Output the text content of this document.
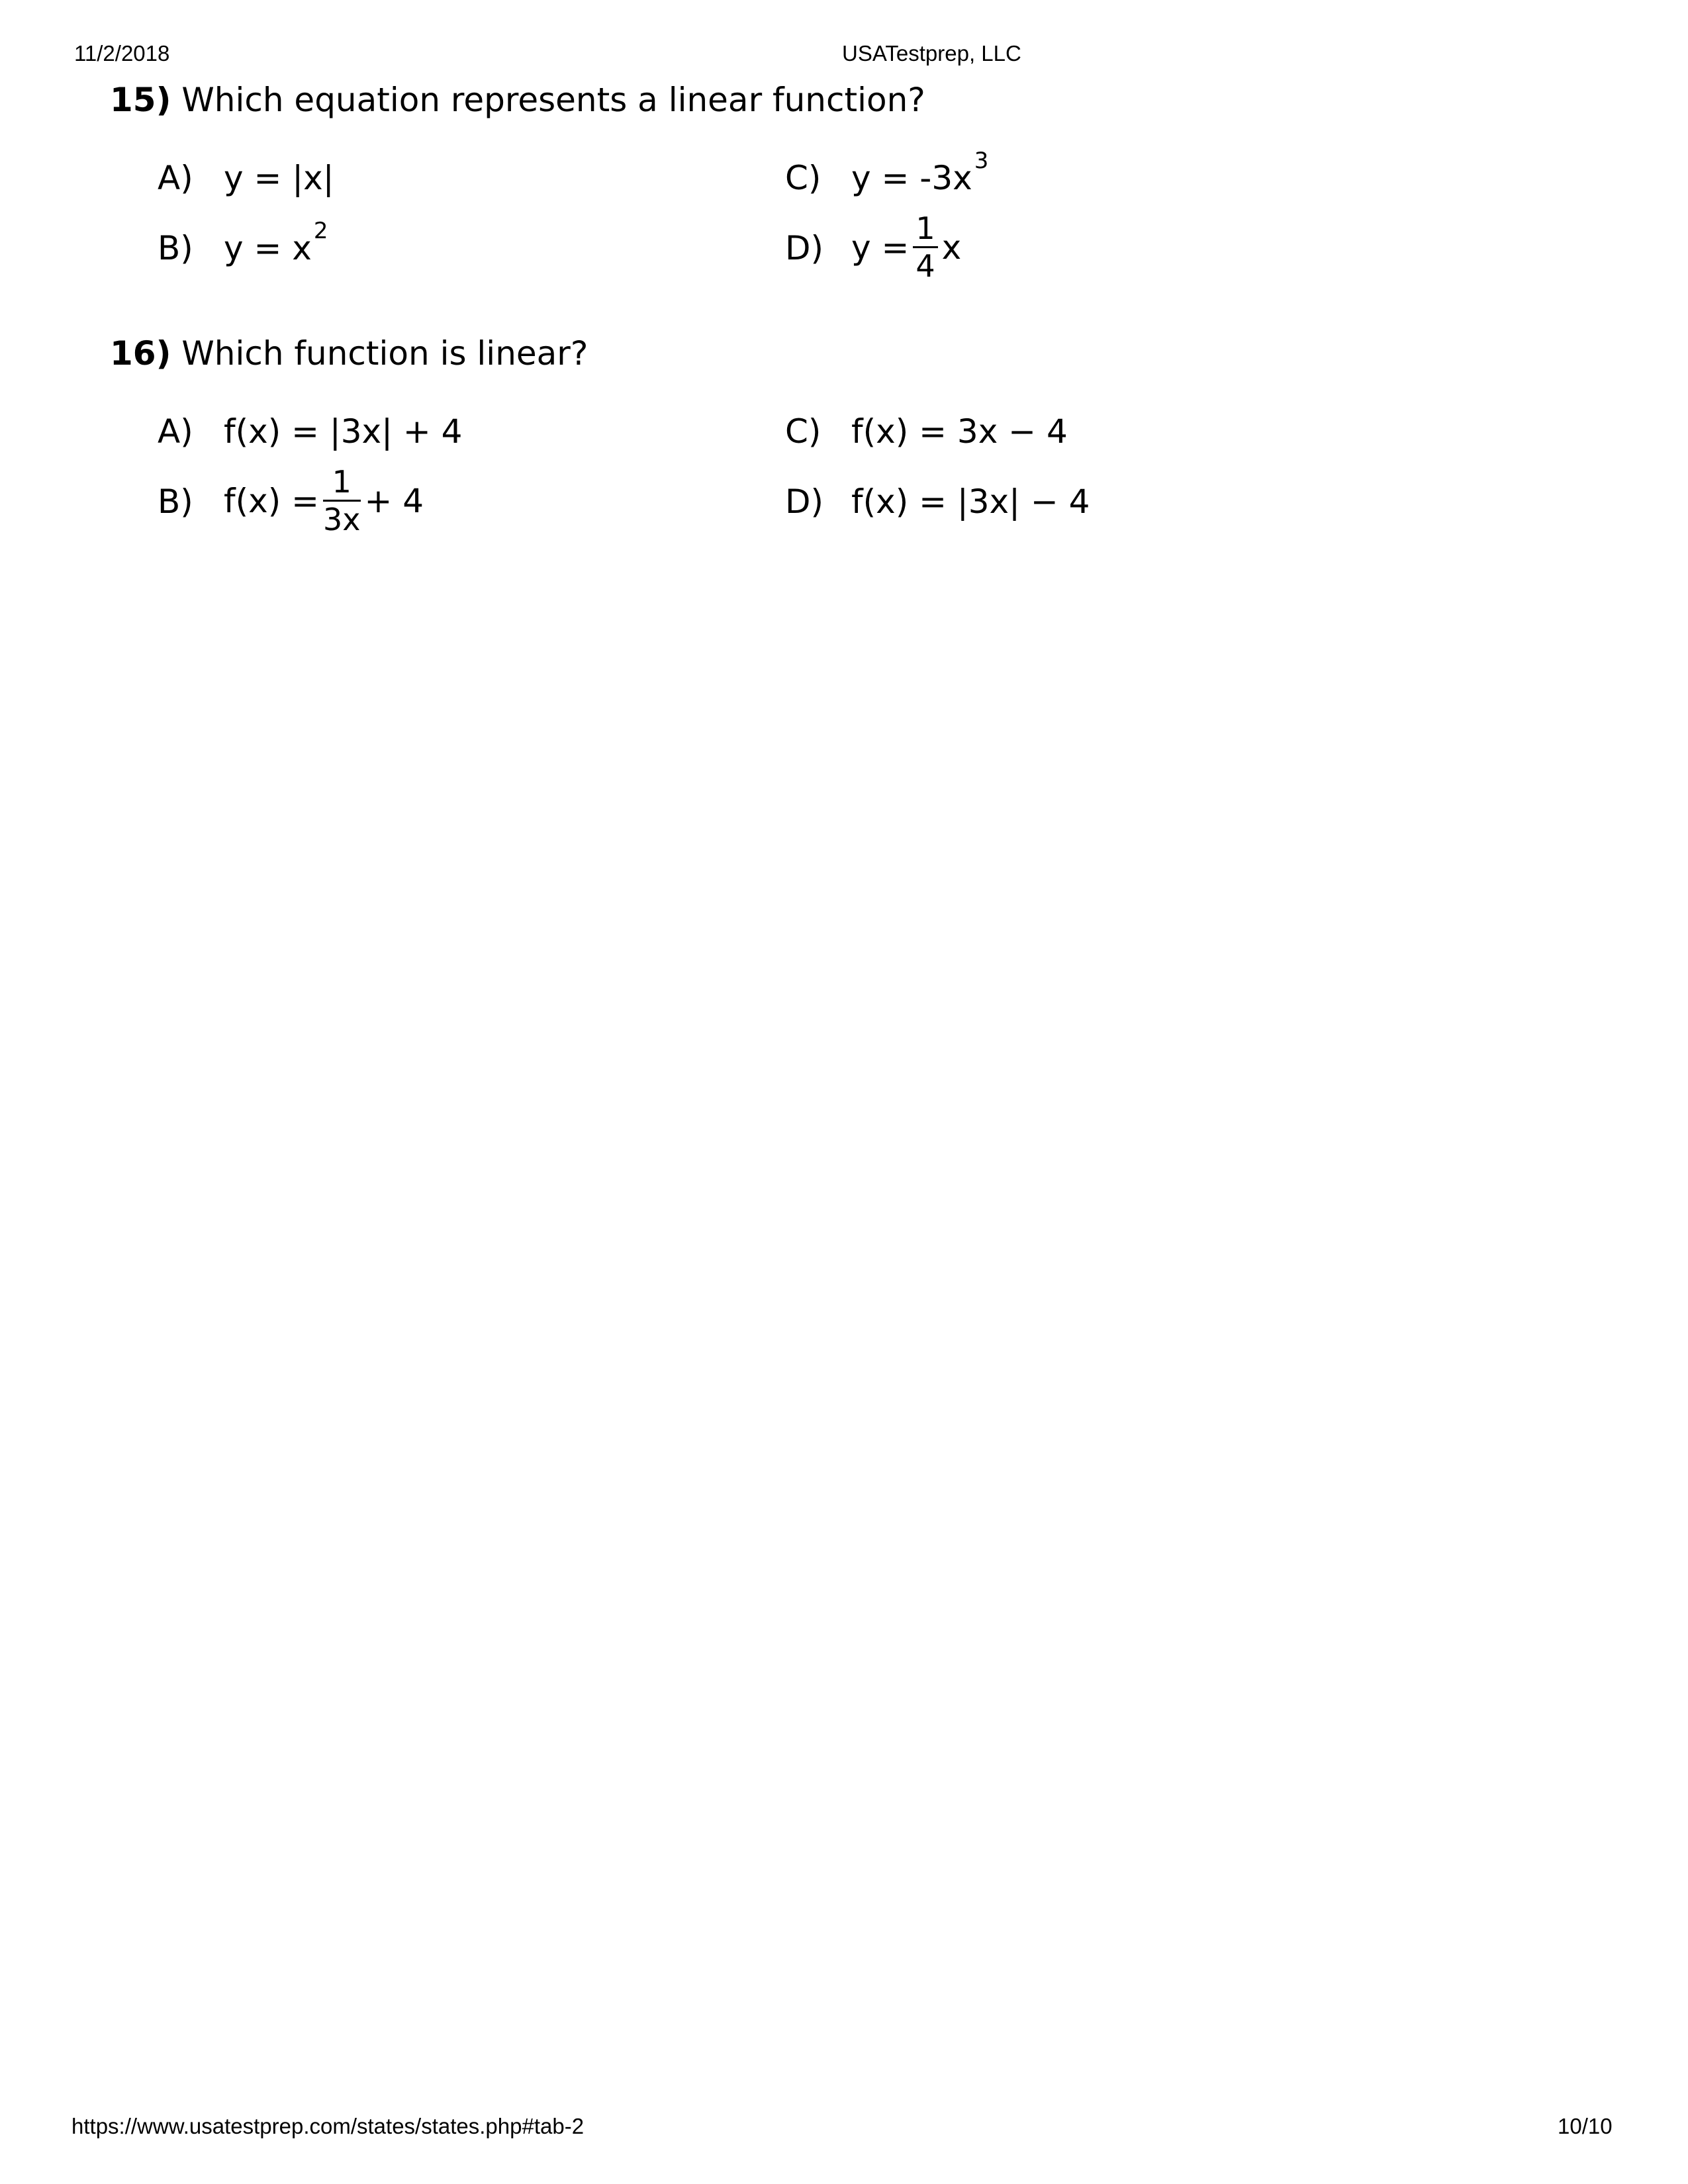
11/2/2018	USATestprep, LLC
15) Which equation represents a linear function?
A) y = |x|
B) y = x 2
C) y = -3x 3
D) $y = \frac{1}{4}$ x
16) Which function is linear?
A) f(x) = |3x| + 4
B) $f(x) = \frac{1}{3x} + 4$
C) f(x) = 3x − 4
D) f(x) = |3x| − 4
https://www.usatestprep.com/states/states.php#tab-2	10/10
